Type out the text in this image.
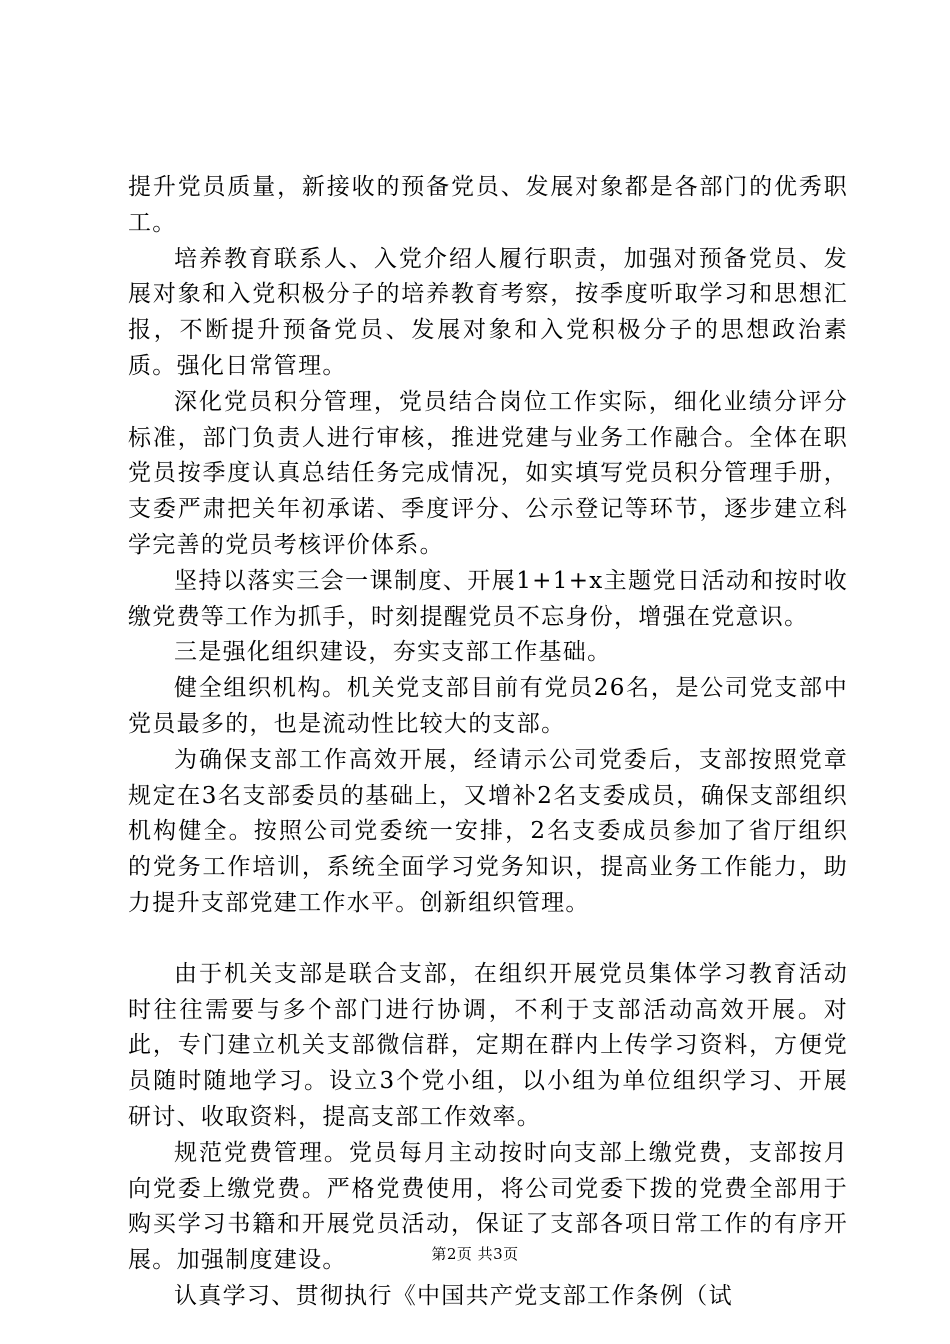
提升党员质量，新接收的预备党员、发展对象都是各部门的优秀职工。

培养教育联系人、入党介绍人履行职责，加强对预备党员、发展对象和入党积极分子的培养教育考察，按季度听取学习和思想汇报，不断提升预备党员、发展对象和入党积极分子的思想政治素质。强化日常管理。

深化党员积分管理，党员结合岗位工作实际，细化业绩分评分标准，部门负责人进行审核，推进党建与业务工作融合。全体在职党员按季度认真总结任务完成情况，如实填写党员积分管理手册，支委严肃把关年初承诺、季度评分、公示登记等环节，逐步建立科学完善的党员考核评价体系。

坚持以落实三会一课制度、开展1+1+x主题党日活动和按时收缴党费等工作为抓手，时刻提醒党员不忘身份，增强在党意识。

三是强化组织建设，夯实支部工作基础。

健全组织机构。机关党支部目前有党员26名，是公司党支部中党员最多的，也是流动性比较大的支部。

为确保支部工作高效开展，经请示公司党委后，支部按照党章规定在3名支部委员的基础上，又增补2名支委成员，确保支部组织机构健全。按照公司党委统一安排，2名支委成员参加了省厅组织的党务工作培训，系统全面学习党务知识，提高业务工作能力，助力提升支部党建工作水平。创新组织管理。

由于机关支部是联合支部，在组织开展党员集体学习教育活动时往往需要与多个部门进行协调，不利于支部活动高效开展。对此，专门建立机关支部微信群，定期在群内上传学习资料，方便党员随时随地学习。设立3个党小组，以小组为单位组织学习、开展研讨、收取资料，提高支部工作效率。

规范党费管理。党员每月主动按时向支部上缴党费，支部按月向党委上缴党费。严格党费使用，将公司党委下拨的党费全部用于购买学习书籍和开展党员活动，保证了支部各项日常工作的有序开展。加强制度建设。

认真学习、贯彻执行《中国共产党支部工作条例（试

第2页 共3页
